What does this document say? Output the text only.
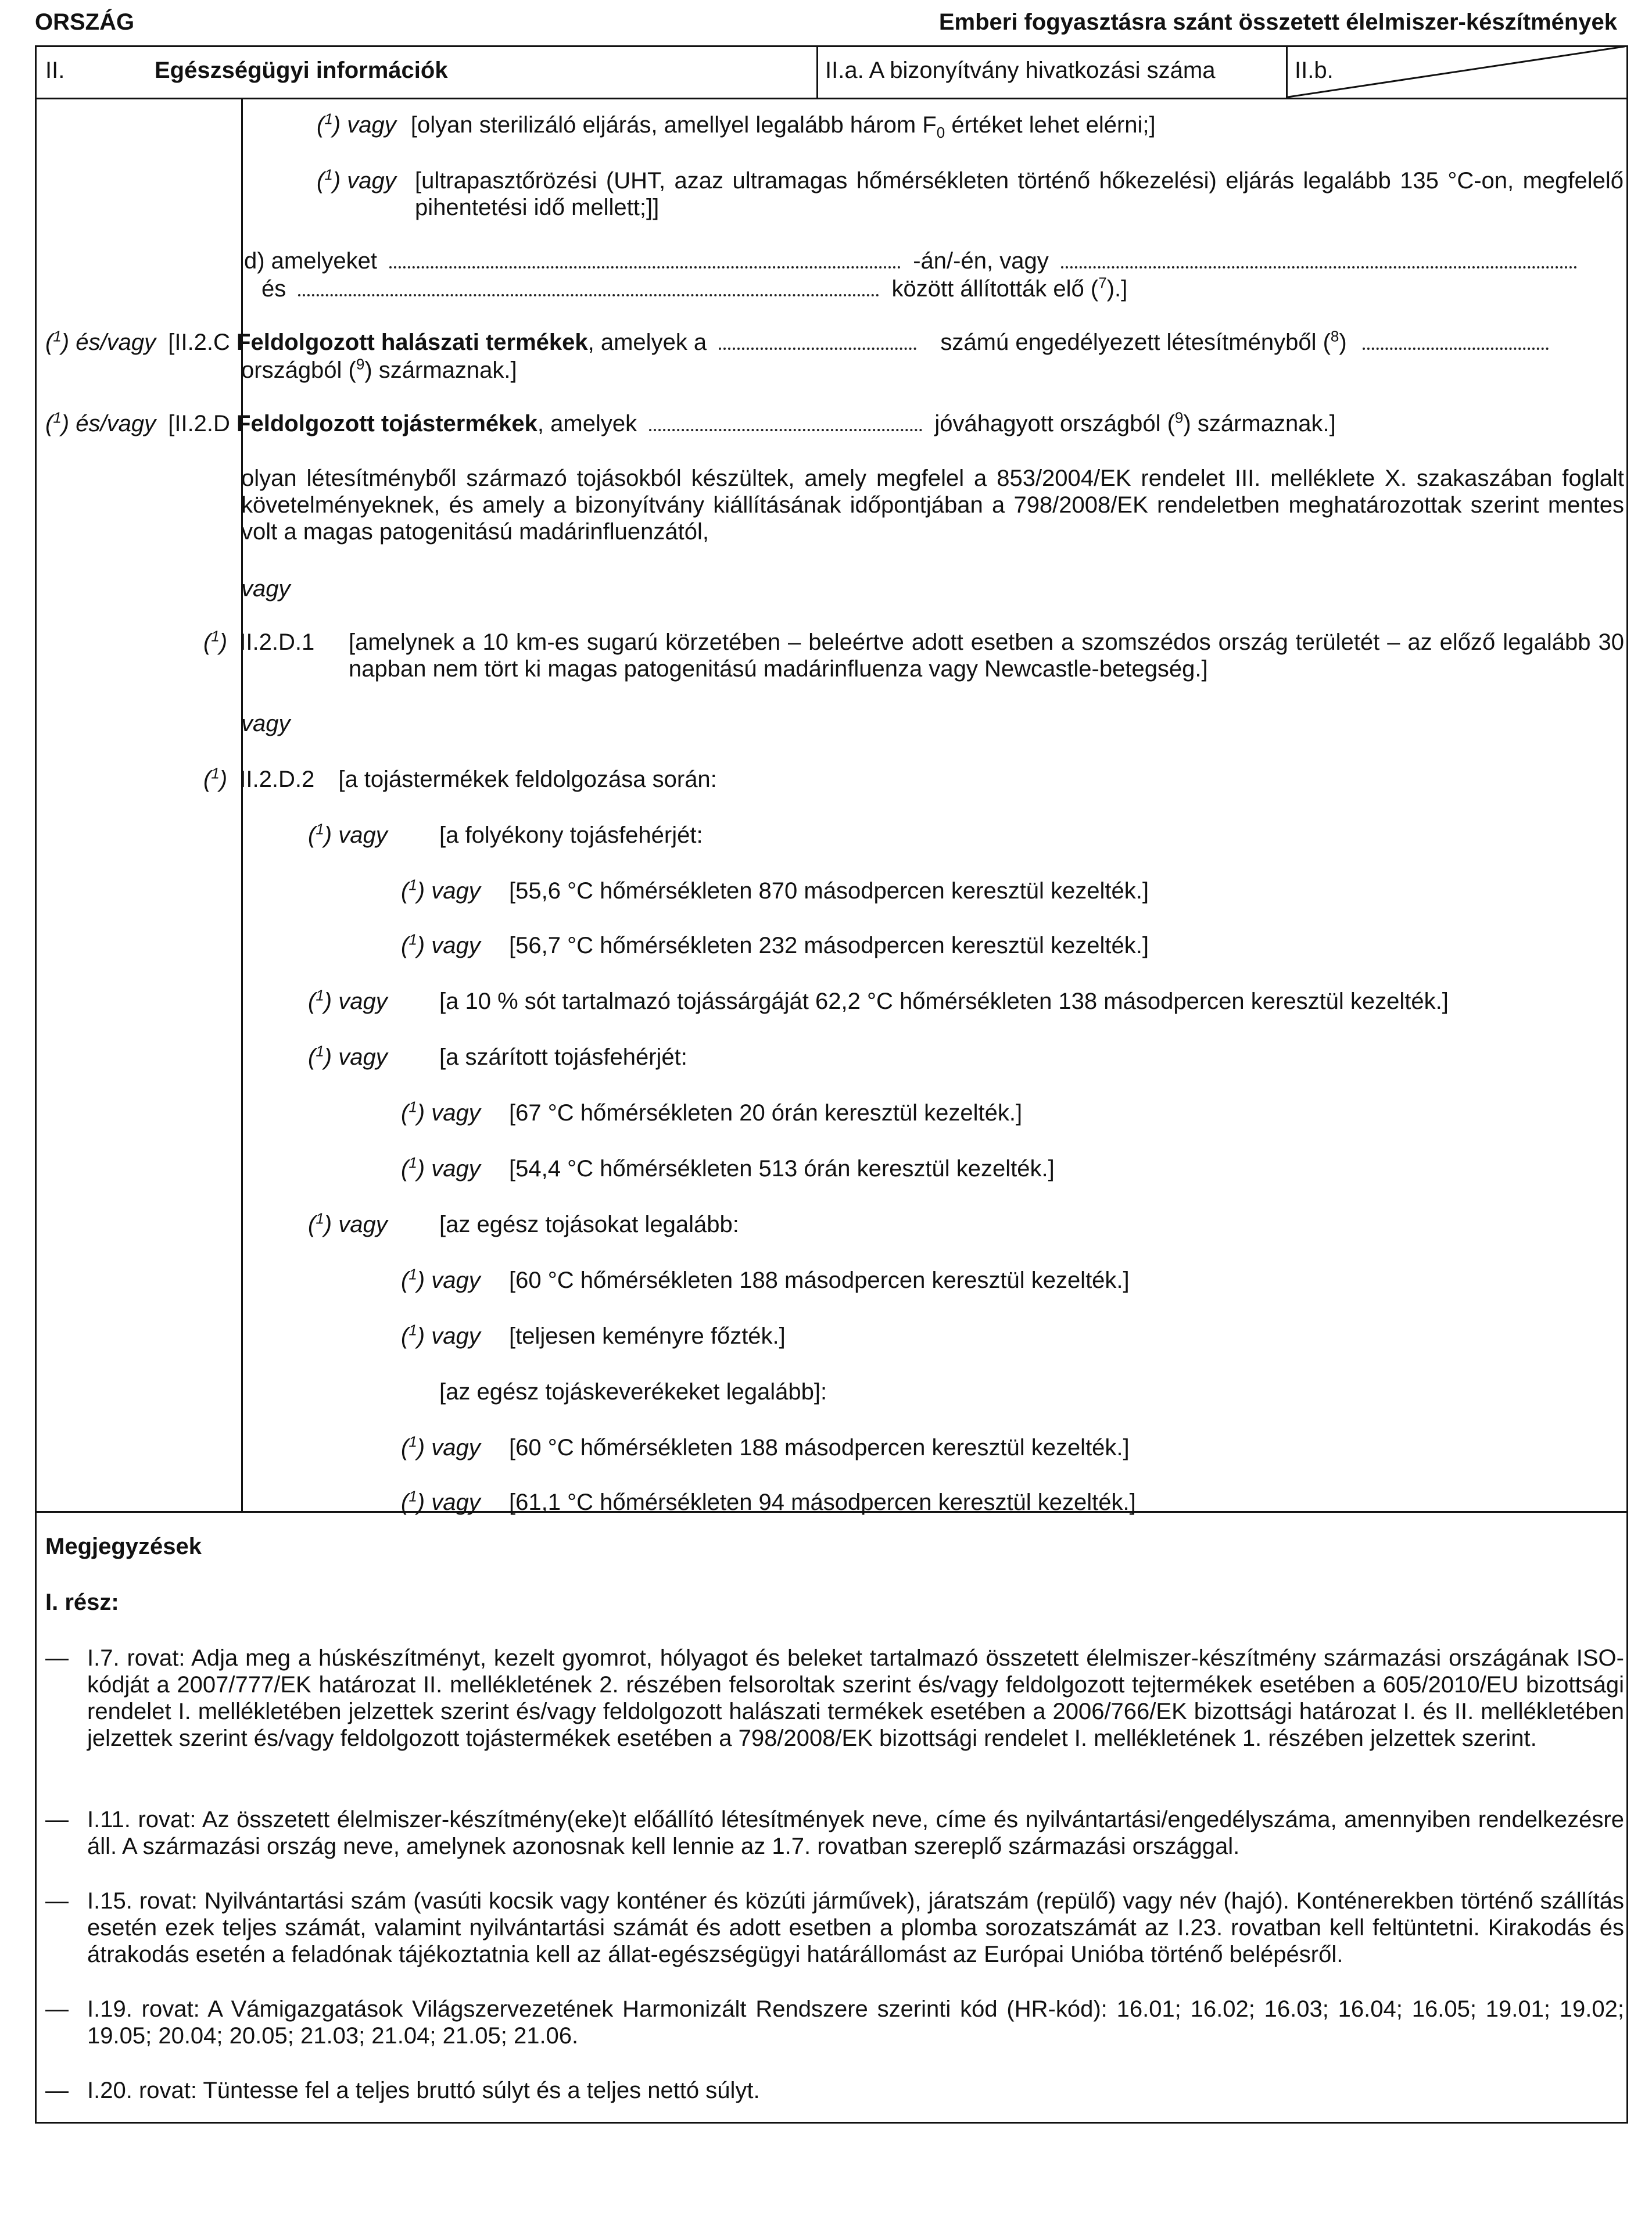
ORSZÁG	Emberi fogyasztásra szánt összetett élelmiszer-készítmények
II.	Egészségügyi információk	II.a. A bizonyítvány hivatkozási száma	II.b.
($^1$) vagy [olyan sterilizáló eljárás, amellyel legalább három $F_0$ értéket lehet elérni;]
($^1$) vagy [ultrapasztőrözési (UHT, azaz ultramagas hőmérsékleten történő hőkezelési) eljárás legalább 135 °C-on, megfelelő pihentetési idő mellett;]]
d) amelyeket	-án/-én, vagy
és	között állították elő ($^7$).]
($^1$) és/vagy [II.2.C Feldolgozott halászati termékek, amelyek a	számú engedélyezett létesítményből ($^8$)
országból ($^9$) származnak.]
($^1$) és/vagy [II.2.D Feldolgozott tojástermékek, amelyek	jóváhagyott országból ($^9$) származnak.]
olyan létesítményből származó tojásokból készültek, amely megfelel a 853/2004/EK rendelet III. melléklete X. szakaszában foglalt követelményeknek, és amely a bizonyítvány kiállításának időpontjában a 798/2008/EK rendeletben meghatározottak szerint mentes volt a magas patogenitású madárinfluenzától,
vagy
($^1$) II.2.D.1 [amelynek a 10 km-es sugarú körzetében – beleértve adott esetben a szomszédos ország területét – az előző legalább 30 napban nem tört ki magas patogenitású madárinfluenza vagy Newcastle-betegség.]
vagy
($^1$) II.2.D.2 [a tojástermékek feldolgozása során:
($^1$) vagy [a folyékony tojásfehérjét:
($^1$) vagy [55,6 °C hőmérsékleten 870 másodpercen keresztül kezelték.]
($^1$) vagy [56,7 °C hőmérsékleten 232 másodpercen keresztül kezelték.]
($^1$) vagy [a 10 % sót tartalmazó tojássárgáját 62,2 °C hőmérsékleten 138 másodpercen keresztül kezelték.]
($^1$) vagy [a szárított tojásfehérjét:
($^1$) vagy [67 °C hőmérsékleten 20 órán keresztül kezelték.]
($^1$) vagy [54,4 °C hőmérsékleten 513 órán keresztül kezelték.]
($^1$) vagy [az egész tojásokat legalább:
($^1$) vagy [60 °C hőmérsékleten 188 másodpercen keresztül kezelték.]
($^1$) vagy [teljesen keményre főzték.]
[az egész tojáskeverékeket legalább]:
($^1$) vagy [60 °C hőmérsékleten 188 másodpercen keresztül kezelték.]
($^1$) vagy [61,1 °C hőmérsékleten 94 másodpercen keresztül kezelték.]
Megjegyzések
I. rész:
— I.7. rovat: Adja meg a húskészítményt, kezelt gyomrot, hólyagot és beleket tartalmazó összetett élelmiszer-készítmény származási országának ISO-kódját a 2007/777/EK határozat II. mellékletének 2. részében felsoroltak szerint és/vagy feldolgozott tejtermékek esetében a 605/2010/EU bizottsági rendelet I. mellékletében jelzettek szerint és/vagy feldolgozott halászati termékek esetében a 2006/766/EK bizottsági határozat I. és II. mellékletében jelzettek szerint és/vagy feldolgozott tojástermékek esetében a 798/2008/EK bizottsági rendelet I. mellékletének 1. részében jelzettek szerint.
— I.11. rovat: Az összetett élelmiszer-készítmény(eke)t előállító létesítmények neve, címe és nyilvántartási/engedélyszáma, amennyiben rendelkezésre áll. A származási ország neve, amelynek azonosnak kell lennie az 1.7. rovatban szereplő származási országgal.
— I.15. rovat: Nyilvántartási szám (vasúti kocsik vagy konténer és közúti járművek), járatszám (repülő) vagy név (hajó). Konténerekben történő szállítás esetén ezek teljes számát, valamint nyilvántartási számát és adott esetben a plomba sorozatszámát az I.23. rovatban kell feltüntetni. Kirakodás és átrakodás esetén a feladónak tájékoztatnia kell az állat-egészségügyi határállomást az Európai Unióba történő belépésről.
— I.19. rovat: A Vámigazgatások Világszervezetének Harmonizált Rendszere szerinti kód (HR-kód): 16.01; 16.02; 16.03; 16.04; 16.05; 19.01; 19.02; 19.05; 20.04; 20.05; 21.03; 21.04; 21.05; 21.06.
— I.20. rovat: Tüntesse fel a teljes bruttó súlyt és a teljes nettó súlyt.
